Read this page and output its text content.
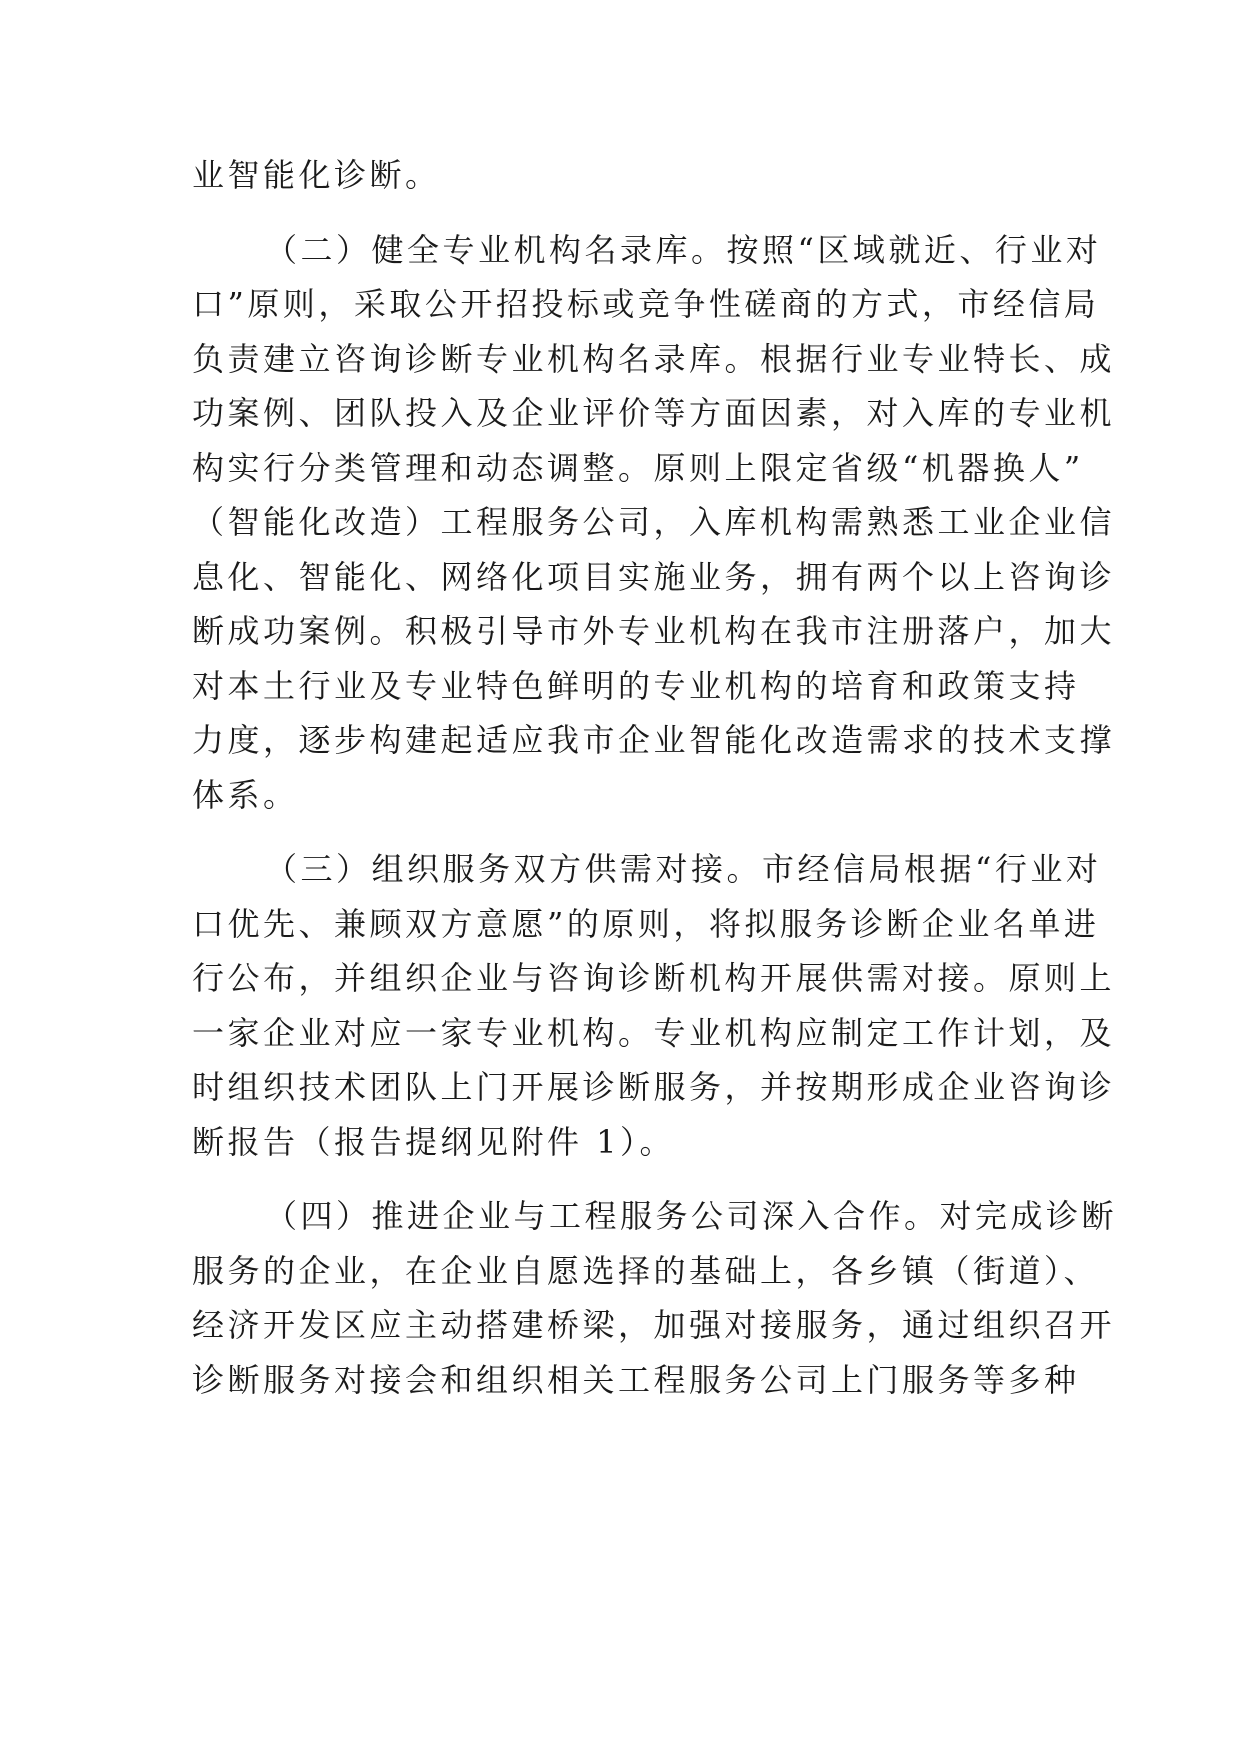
业智能化诊断。
（二）健全专业机构名录库。按照“区域就近、行业对
口”原则，采取公开招投标或竞争性磋商的方式，市经信局
负责建立咨询诊断专业机构名录库。根据行业专业特长、成
功案例、团队投入及企业评价等方面因素，对入库的专业机
构实行分类管理和动态调整。原则上限定省级“机器换人”
（智能化改造）工程服务公司，入库机构需熟悉工业企业信
息化、智能化、网络化项目实施业务，拥有两个以上咨询诊
断成功案例。积极引导市外专业机构在我市注册落户，加大
对本土行业及专业特色鲜明的专业机构的培育和政策支持
力度，逐步构建起适应我市企业智能化改造需求的技术支撑
体系。
（三）组织服务双方供需对接。市经信局根据“行业对
口优先、兼顾双方意愿”的原则，将拟服务诊断企业名单进
行公布，并组织企业与咨询诊断机构开展供需对接。原则上
一家企业对应一家专业机构。专业机构应制定工作计划，及
时组织技术团队上门开展诊断服务，并按期形成企业咨询诊
断报告（报告提纲见附件 1）。
（四）推进企业与工程服务公司深入合作。对完成诊断
服务的企业，在企业自愿选择的基础上，各乡镇（街道）、
经济开发区应主动搭建桥梁，加强对接服务，通过组织召开
诊断服务对接会和组织相关工程服务公司上门服务等多种
